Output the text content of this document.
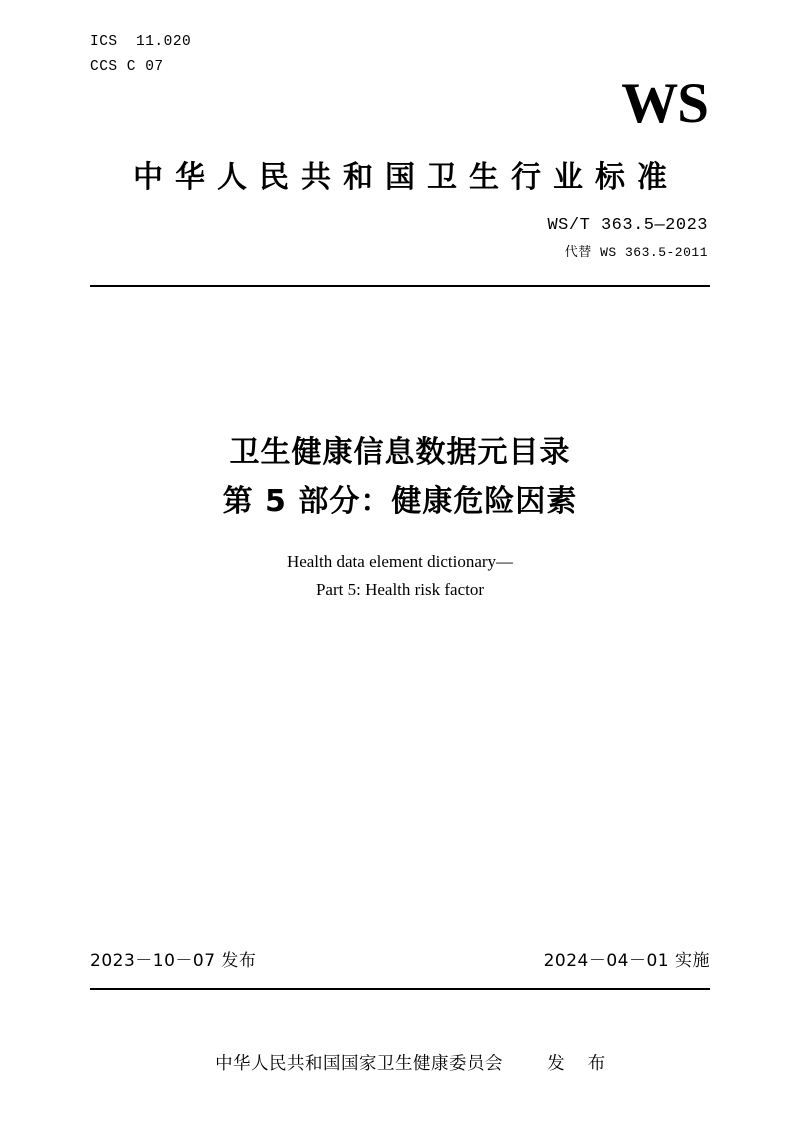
ICS  11.020
CCS C 07
WS
中华人民共和国卫生行业标准
WS/T 363.5—2023
代替 WS 363.5-2011
卫生健康信息数据元目录
第 5 部分：健康危险因素
Health data element dictionary—
Part 5: Health risk factor
2023－10－07 发布	2024－04－01 实施

中华人民共和国国家卫生健康委员会	发  布
